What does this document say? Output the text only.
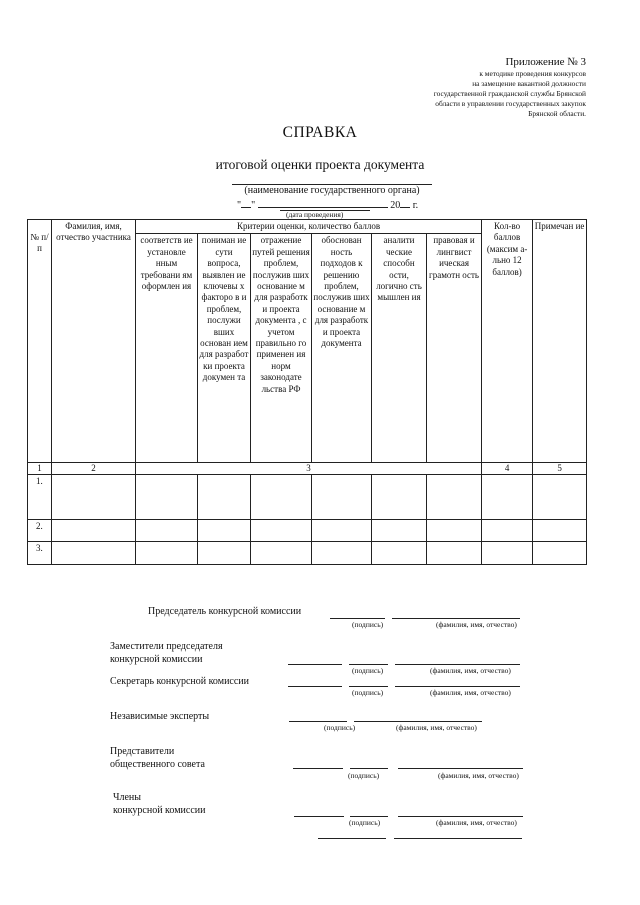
Приложение № 3
к методике проведения конкурсов
на замещение вакантной должности
государственной гражданской службы Брянской
области в управлении государственных закупок
Брянской области.
СПРАВКА
итоговой оценки проекта документа
(наименование государственного органа)
" "	20 г.
(дата проведения)
№ п/ п	Фамилия, имя, отчество участника	Критерии оценки, количество баллов						Кол-во баллов (максим а-льно 12 баллов)	Примечан ие
		соответств ие установле нным требовани ям оформлен ия	пониман ие сути вопроса, выявлен ие ключевы х факторо в и проблем, послужи вших основан ием для разработ ки проекта докумен та	отражение путей решения проблем, послужив ших основание м для разработк и проекта документа , с учетом правильно го применен ия норм законодате льства РФ	обоснован ность подходов к решению проблем, послужив ших основание м для разработк и проекта документа	аналити ческие способн ости, логично сть мышлен ия	правовая и лингвист ическая грамотн ость		
1	2	3						4	5
1.									
2.									
3.									
Председатель конкурсной комиссии
(подпись)	(фамилия, имя, отчество)
Заместители председателя
конкурсной комиссии
(подпись)	(фамилия, имя, отчество)
Секретарь конкурсной комиссии
(подпись)	(фамилия, имя, отчество)
Независимые эксперты
(подпись)	(фамилия, имя, отчество)
Представители
общественного совета
(подпись)	(фамилия, имя, отчество)
Члены
конкурсной комиссии
(подпись)	(фамилия, имя, отчество)
